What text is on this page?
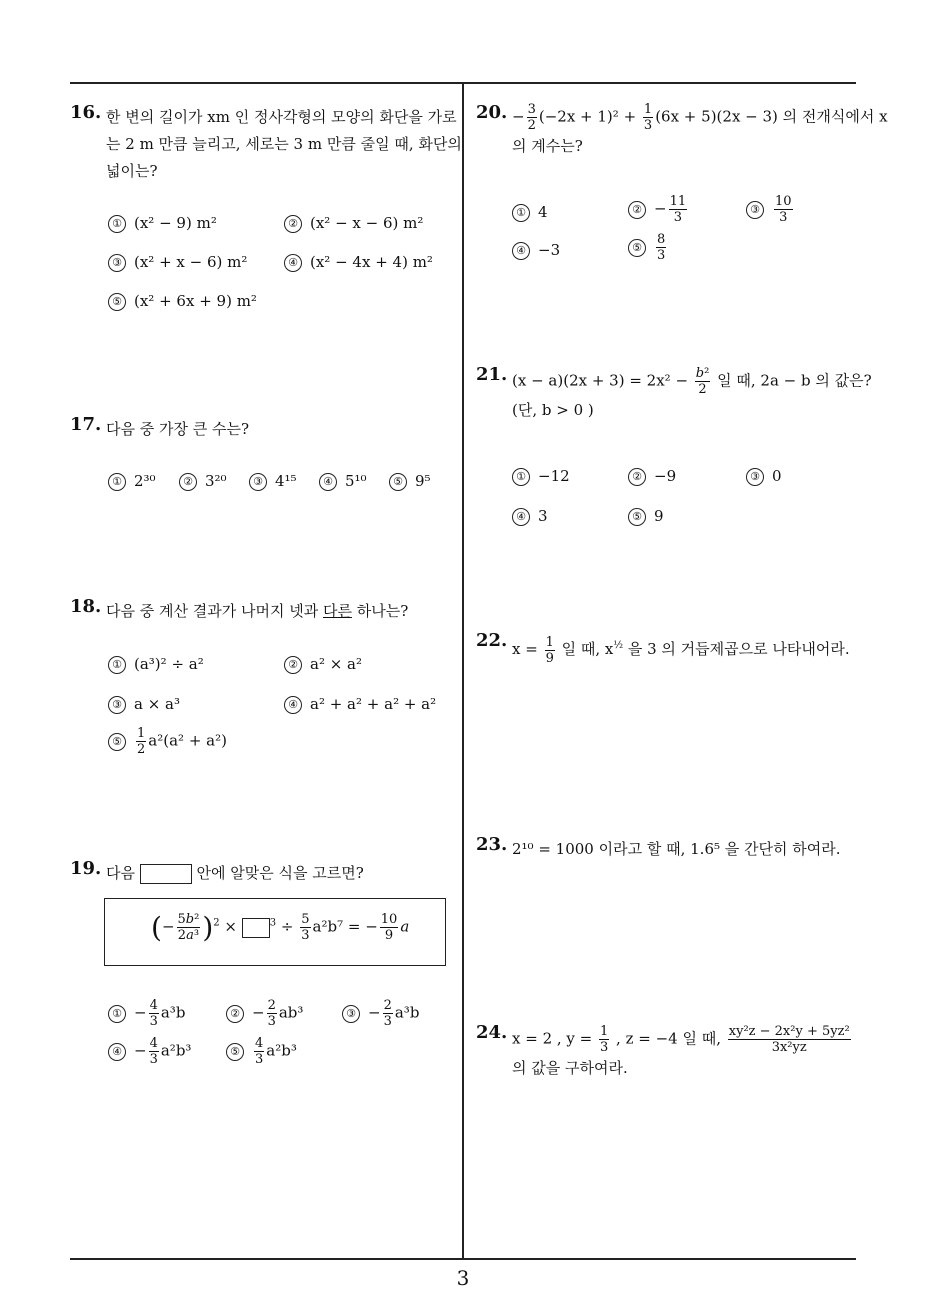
16. 한 변의 길이가 xm 인 정사각형의 모양의 화단을 가로
는 2 m 만큼 늘리고, 세로는 3 m 만큼 줄일 때, 화단의
넓이는?
① (x² − 9) m²	② (x² − x − 6) m²
③ (x² + x − 6) m²	④ (x² − 4x + 4) m²
⑤ (x² + 6x + 9) m²
17. 다음 중 가장 큰 수는?
① 2³⁰	② 3²⁰	③ 4¹⁵	④ 5¹⁰	⑤ 9⁵
18. 다음 중 계산 결과가 나머지 넷과 다른 하나는?
① (a³)² ÷ a²	② a² × a²
③ a × a³	④ a² + a² + a² + a²
⑤ $\frac{1}{2} a^2(a^2 + a^2)$
19. 다음	안에 알맞은 식을 고르면?
(− $\frac{\text{5b²}}{\text{2a³}} )^2$ ×	$^3 \div \frac{5}{3} a^2b^7$ = − $\frac{10}{9}$ a
① − $\frac{4}{3} a^3b$	② − $\frac{2}{3} ab^3$	③ − $\frac{2}{3} a^3b$
④ − $\frac{4}{3} a^2b^3$	⑤ $\frac{4}{3} a^2b^3$
20. − $\frac{3}{2} (-2x + 1)^2 + \frac{1}{3} (6x + 5)(2x - 3)$ 의 전개식에서 x
의 계수는?
① 4	② − $\frac{11}{3}$	③ $\frac{10}{3}$
④ −3	⑤ $\frac{8}{3}$
21. $(x - a)(2x + 3) = 2x^2 - \frac{\text{b²}}{2}$ 일 때, 2a − b 의 값은?
(단, b > 0 )
① −12	② −9	③ 0
④ 3	⑤ 9
22. $x = \frac{1}{9}$ 일 때, $x^{\frac{1}{2}}$ 을 3 의 거듭제곱으로 나타내어라.
23. 2¹⁰ = 1000 이라고 할 때, 1.6⁵ 을 간단히 하여라.
24. x = 2 , $y = \frac{1}{3}$ , z = −4 일 때, $\frac{\text{xy²z − 2x²y + 5yz²}}{\text{3x²yz}}$
의 값을 구하여라.
3
